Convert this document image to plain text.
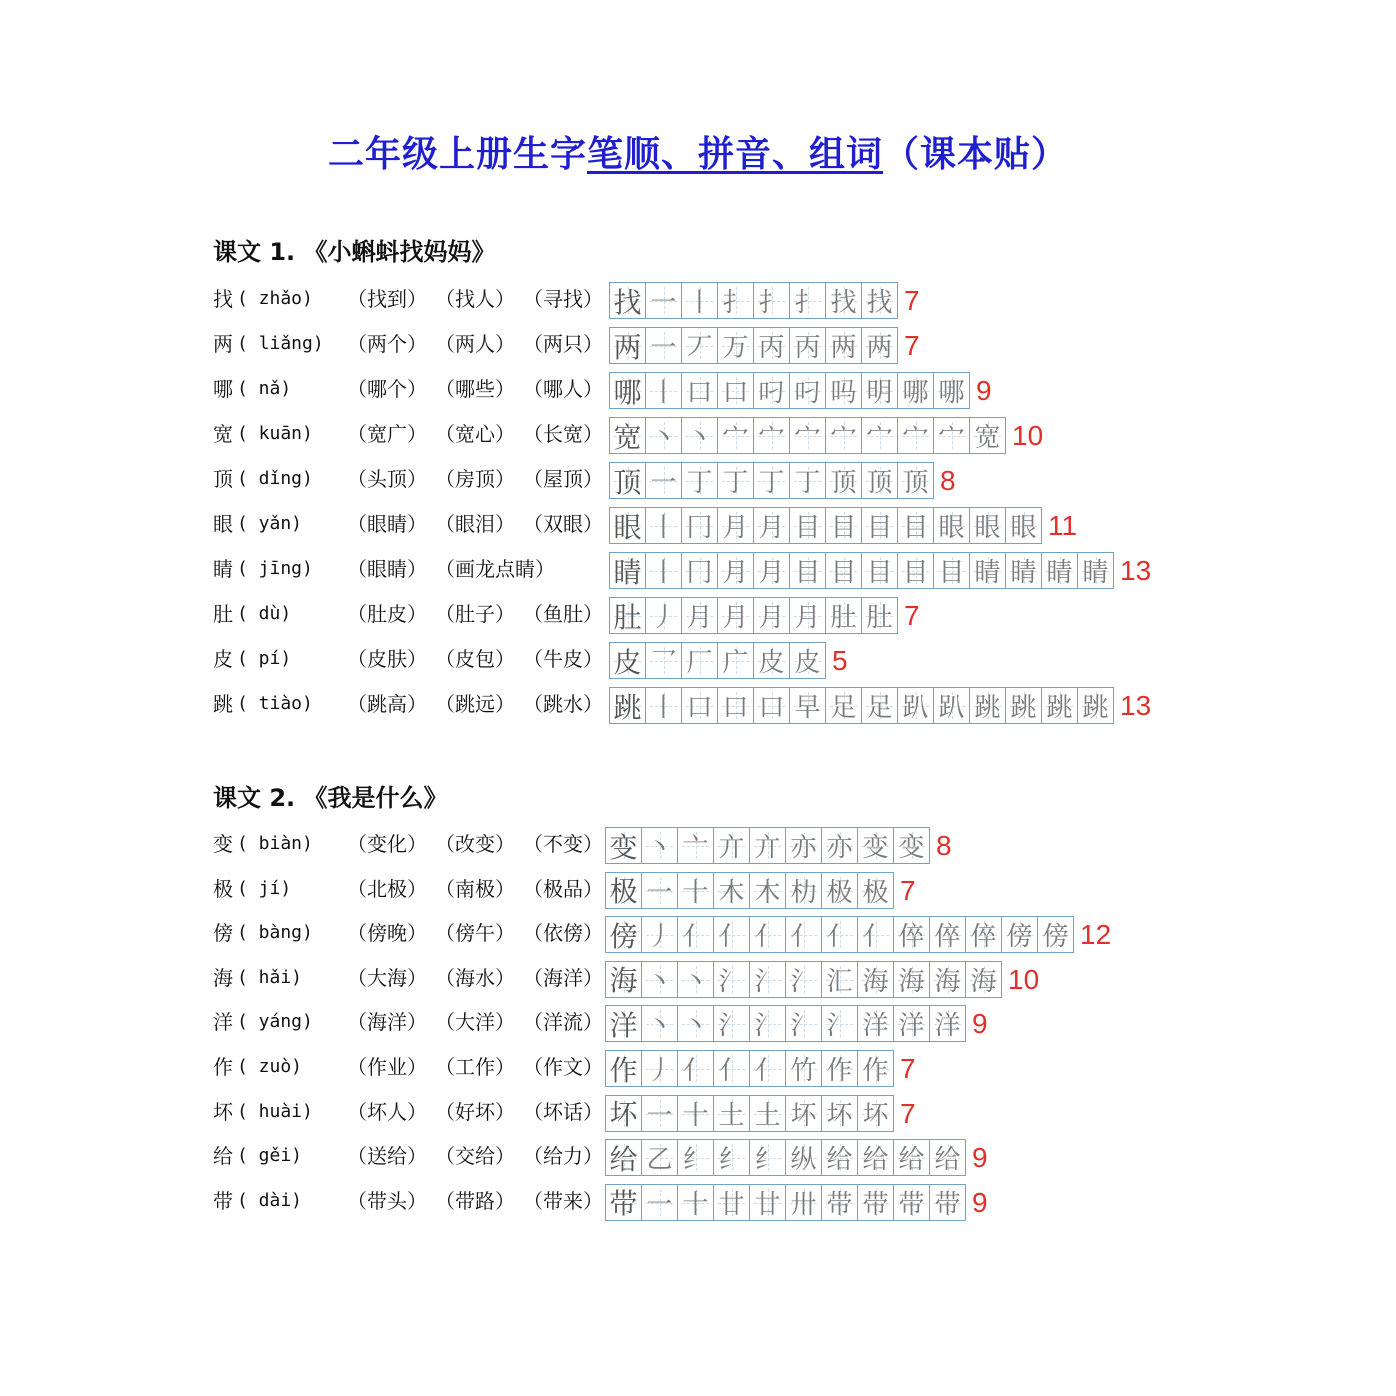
二年级上册生字笔顺、拼音、组词（课本贴）
课文 1. 《小蝌蚪找妈妈》
找 ( zhǎo)	（找到） （找人） （寻找） 找 一 丨 扌 扌 扌 找 找 7
两 ( liǎng)	（两个） （两人） （两只） 两 一 丆 万 丙 丙 两 两 7
哪 ( nǎ)	（哪个） （哪些） （哪人） 哪 丨 口 口 叼 叼 吗 明 哪 哪 9
宽 ( kuān)	（宽广） （宽心） （长宽） 宽 丶 丶 宀 宀 宀 宀 宀 宀 宀 宽 10
顶 ( dǐng)	（头顶） （房顶） （屋顶） 顶 一 丁 丁 丁 丁 顶 顶 顶 8
眼 ( yǎn)	（眼睛） （眼泪） （双眼） 眼 丨 冂 月 月 目 目 目 目 眼 眼 眼 11
睛 ( jīng)	（眼睛） （画龙点睛） 睛 丨 冂 月 月 目 目 目 目 目 睛 睛 睛 睛 13
肚 ( dù)	（肚皮） （肚子） （鱼肚） 肚 丿 月 月 月 月 肚 肚 7
皮 ( pí)	（皮肤） （皮包） （牛皮） 皮 乛 厂 广 皮 皮 5
跳 ( tiào)	（跳高） （跳远） （跳水） 跳 丨 口 口 口 早 足 足 趴 趴 跳 跳 跳 跳 13
课文 2. 《我是什么》
变 ( biàn)	（变化） （改变） （不变） 变 丶 亠 亣 亣 亦 亦 变 变 8
极 ( jí)	（北极） （南极） （极品） 极 一 十 木 木 朸 极 极 7
傍 ( bàng)	（傍晚） （傍午） （依傍） 傍 丿 亻 亻 亻 亻 亻 亻 倅 倅 倅 傍 傍 12
海 ( hǎi)	（大海） （海水） （海洋） 海 丶 丶 氵 氵 氵 汇 海 海 海 海 10
洋 ( yáng)	（海洋） （大洋） （洋流） 洋 丶 丶 氵 氵 氵 氵 洋 洋 洋 9
作 ( zuò)	（作业） （工作） （作文） 作 丿 亻 亻 亻 竹 作 作 7
坏 ( huài)	（坏人） （好坏） （坏话） 坏 一 十 土 土 坏 坏 坏 7
给 ( gěi)	（送给） （交给） （给力） 给 乙 纟 纟 纟 纵 给 给 给 给 9
带 ( dài)	（带头） （带路） （带来） 带 一 十 廿 廿 卅 带 带 带 带 9
